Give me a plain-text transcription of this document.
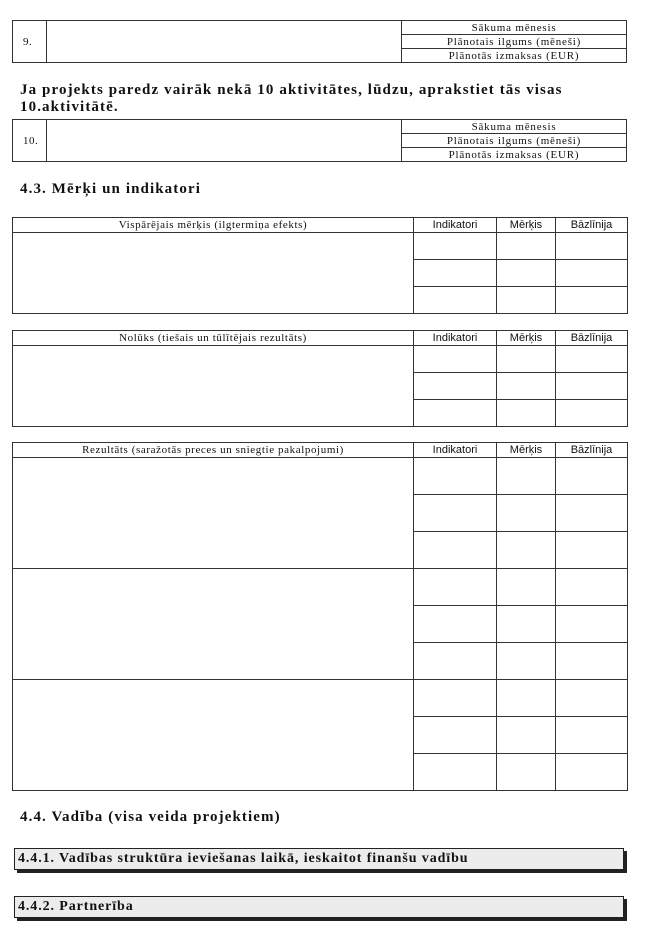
9.		Sākuma mēnesis
Plānotais ilgums (mēneši)
Plānotās izmaksas (EUR)
Ja projekts paredz vairāk nekā 10 aktivitātes, lūdzu, aprakstiet tās visas 10.aktivitātē.
10.		Sākuma mēnesis
Plānotais ilgums (mēneši)
Plānotās izmaksas (EUR)
4.3. Mērķi un indikatori
Vispārējais mērķis (ilgtermiņa efekts)	Indikatori	Mērķis	Bāzlīnija

Nolūks (tiešais un tūlītējais rezultāts)	Indikatori	Mērķis	Bāzlīnija

Rezultāts (saražotās preces un sniegtie pakalpojumi)	Indikatori	Mērķis	Bāzlīnija

4.4. Vadība (visa veida projektiem)
4.4.1. Vadības struktūra ieviešanas laikā, ieskaitot finanšu vadību
4.4.2. Partnerība
